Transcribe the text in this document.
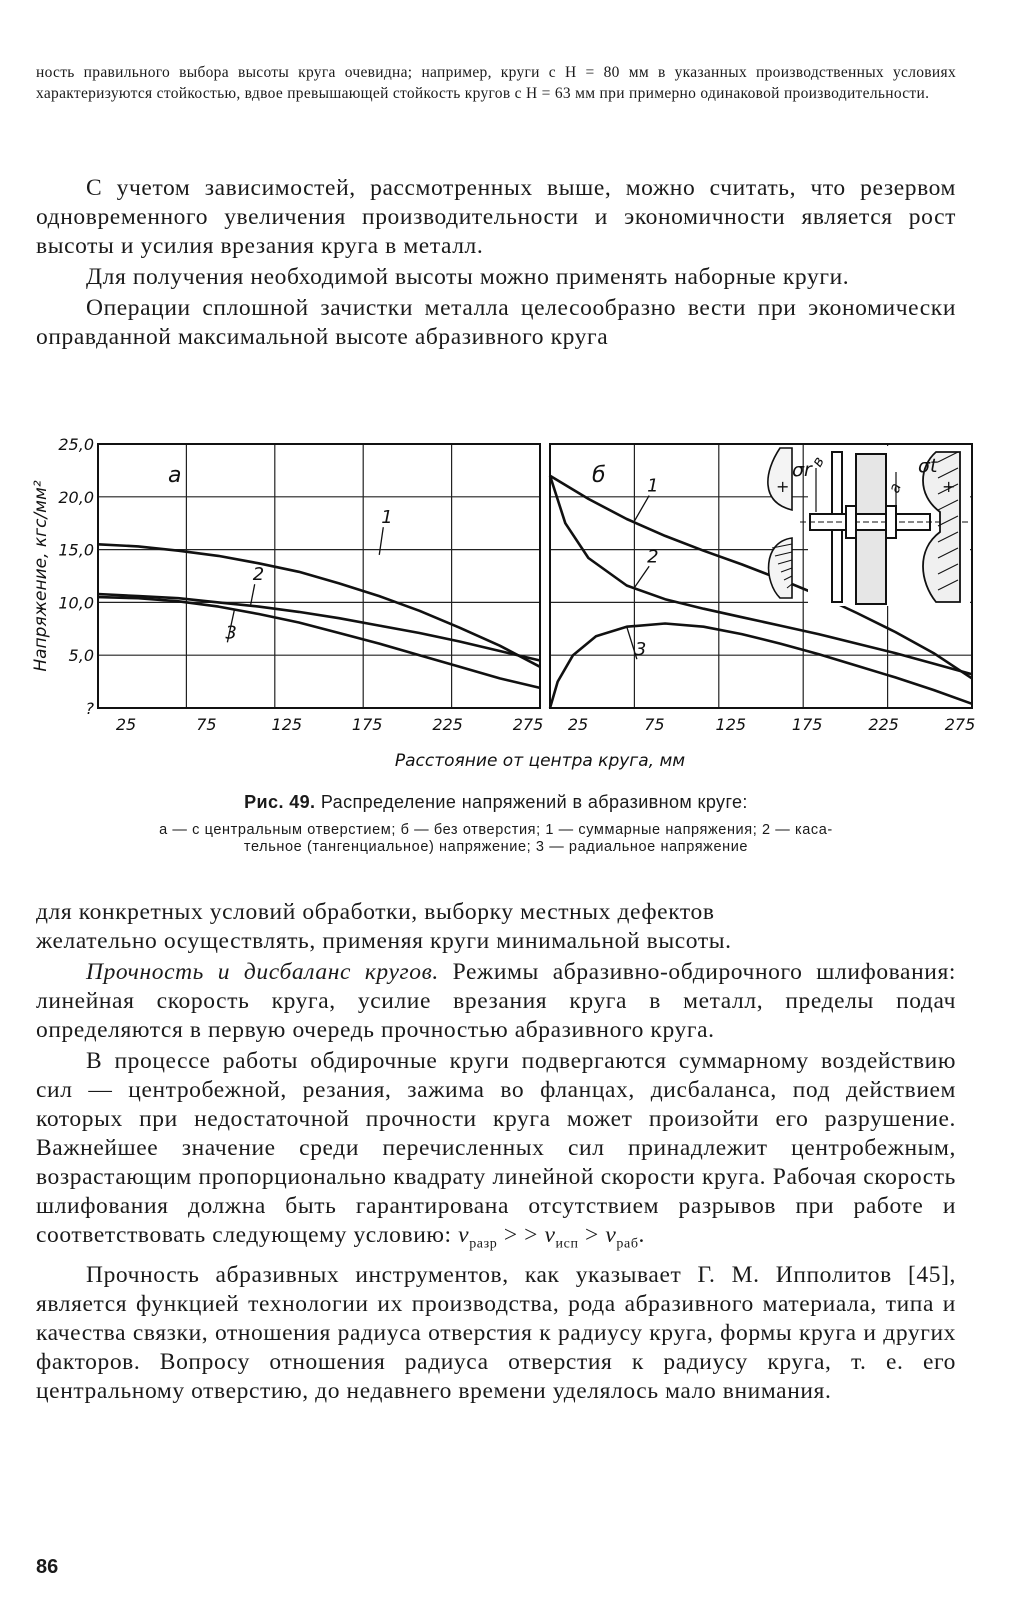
ность правильного выбора высоты круга очевидна; например, круги с H = 80 мм в указанных производственных условиях характеризуются стойкостью, вдвое превышающей стойкость кругов с H = 63 мм при примерно одинаковой производительности.

С учетом зависимостей, рассмотренных выше, можно считать, что резервом одновременного увеличения производительности и экономичности является рост высоты и усилия врезания круга в металл.

Для получения необходимой высоты можно применять наборные круги.

Операции сплошной зачистки металла целесообразно вести при экономически оправданной максимальной высоте абразивного круга

25	75	125	175	225	275
?
5,0
10,0
15,0
20,0
25,0
Напряжение, кгс/мм²
Расстояние от центра круга, мм
а
1
2
3
25	75	125	175	225	275
б 1
2
3
σr
в	σt
а
+	+
Рис. 49. Распределение напряжений в абразивном круге:
а — с центральным отверстием; б — без отверстия; 1 — суммарные напряжения; 2 — каса-
тельное (тангенциальное) напряжение; 3 — радиальное напряжение

для конкретных условий обработки, выборку местных дефектов
желательно осуществлять, применяя круги минимальной высоты.

Прочность и дисбаланс кругов. Режимы абразивно-обдирочного шлифования: линейная скорость круга, усилие врезания круга в металл, пределы подач определяются в первую очередь прочностью абразивного круга.

В процессе работы обдирочные круги подвергаются суммарному воздействию сил — центробежной, резания, зажима во фланцах, дисбаланса, под действием которых при недостаточной прочности круга может произойти его разрушение. Важнейшее значение среди перечисленных сил принадлежит центробежным, возрастающим пропорционально квадрату линейной скорости круга. Рабочая скорость шлифования должна быть гарантирована отсутствием разрывов при работе и соответствовать следующему условию: $v_{разр}$ > > $v_{исп} > v_{раб}$.

Прочность абразивных инструментов, как указывает Г. М. Ипполитов [45], является функцией технологии их производства, рода абразивного материала, типа и качества связки, отношения радиуса отверстия к радиусу круга, формы круга и других факторов. Вопросу отношения радиуса отверстия к радиусу круга, т. е. его центральному отверстию, до недавнего времени уделялось мало внимания.

86
